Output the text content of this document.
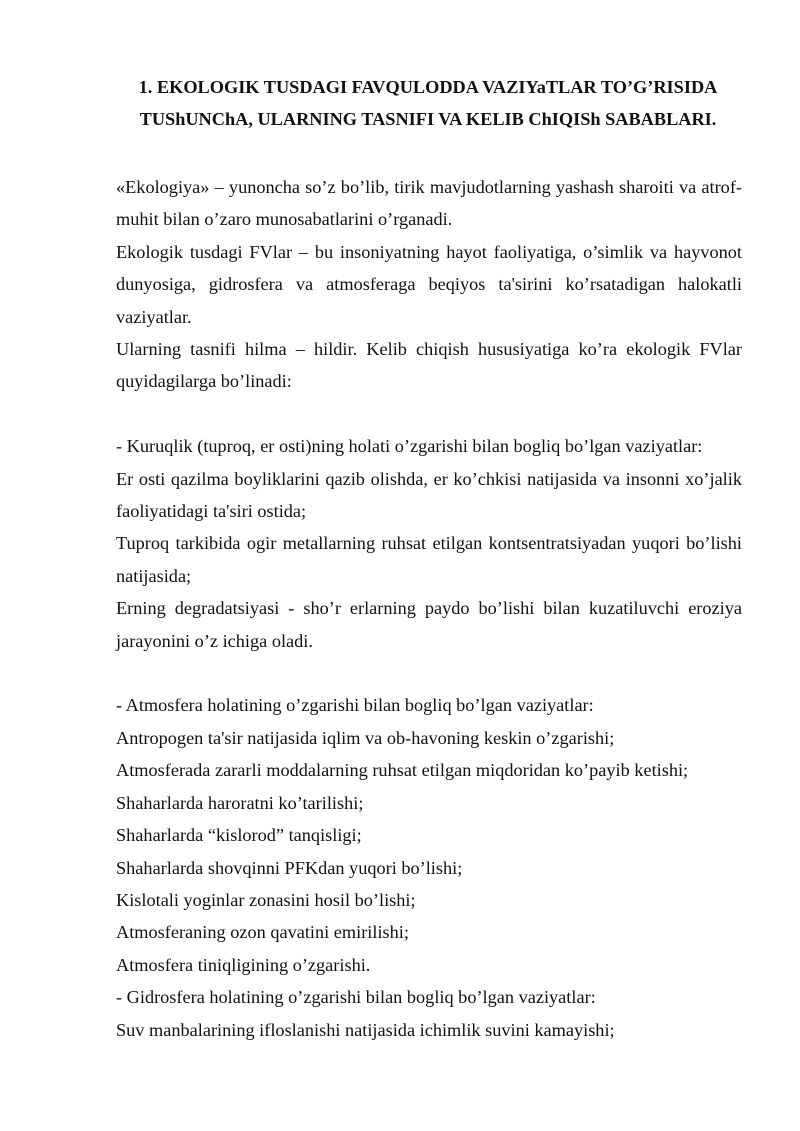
1. EKOLOGIK TUSDAGI FAVQULODDA VAZIYaTLAR TO’G’RISIDA
TUShUNChA, ULARNING TASNIFI VA KELIB ChIQISh SABABLARI.

«Ekologiya» – yunoncha so’z bo’lib, tirik mavjudotlarning yashash sharoiti va atrof-muhit bilan o’zaro munosabatlarini o’rganadi.

Ekologik tusdagi FVlar – bu insoniyatning hayot faoliyatiga, o’simlik va hayvonot dunyosiga, gidrosfera va atmosferaga beqiyos ta'sirini ko’rsatadigan halokatli vaziyatlar.

Ularning tasnifi hilma – hildir. Kelib chiqish hususiyatiga ko’ra ekologik FVlar quyidagilarga bo’linadi:

- Kuruqlik (tuproq, er osti)ning holati o’zgarishi bilan bogliq bo’lgan vaziyatlar:

Er osti qazilma boyliklarini qazib olishda, er ko’chkisi natijasida va insonni xo’jalik faoliyatidagi ta'siri ostida;

Tuproq tarkibida ogir metallarning ruhsat etilgan kontsentratsiyadan yuqori bo’lishi natijasida;

Erning degradatsiyasi - sho’r erlarning paydo bo’lishi bilan kuzatiluvchi eroziya jarayonini o’z ichiga oladi.

- Atmosfera holatining o’zgarishi bilan bogliq bo’lgan vaziyatlar:

Antropogen ta'sir natijasida iqlim va ob-havoning keskin o’zgarishi;

Atmosferada zararli moddalarning ruhsat etilgan miqdoridan ko’payib ketishi;

Shaharlarda haroratni ko’tarilishi;

Shaharlarda “kislorod” tanqisligi;

Shaharlarda shovqinni PFKdan yuqori bo’lishi;

Kislotali yoginlar zonasini hosil bo’lishi;

Atmosferaning ozon qavatini emirilishi;

Atmosfera tiniqligining o’zgarishi.

- Gidrosfera holatining o’zgarishi bilan bogliq bo’lgan vaziyatlar:

Suv manbalarining ifloslanishi natijasida ichimlik suvini kamayishi;
